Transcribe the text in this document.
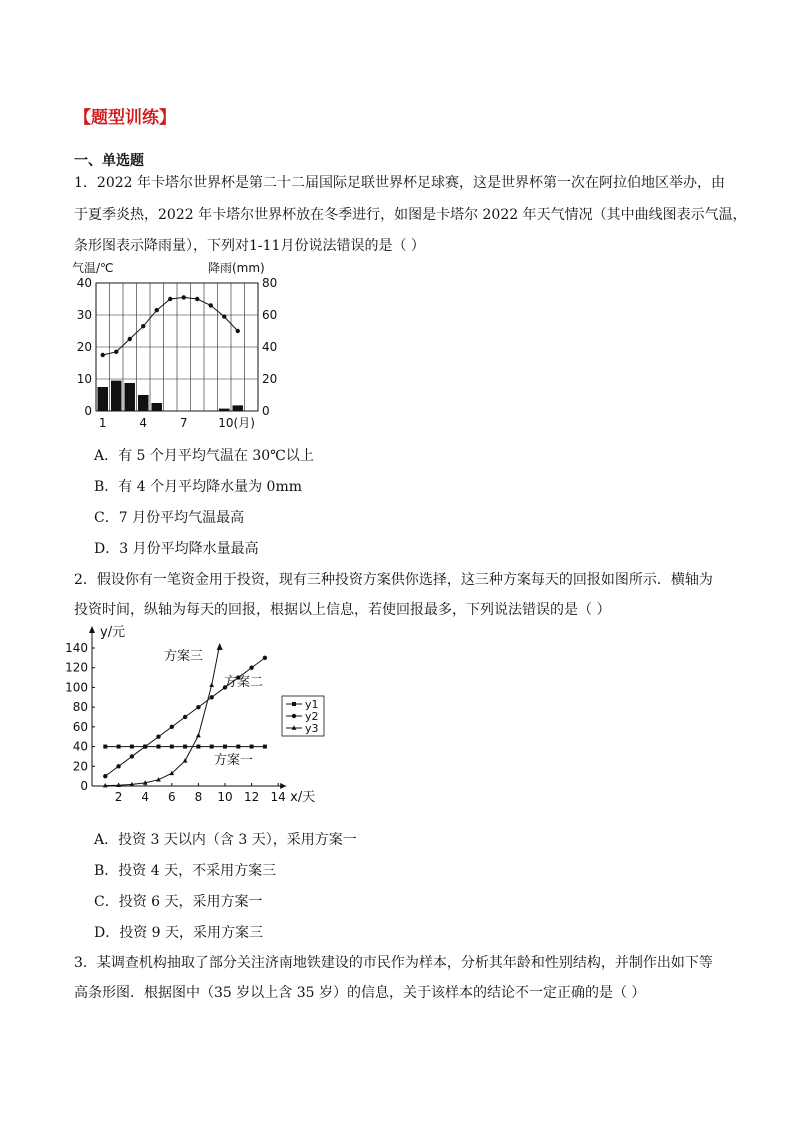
【题型训练】
一、单选题
1．2022 年卡塔尔世界杯是第二十二届国际足联世界杯足球赛，这是世界杯第一次在阿拉伯地区举办，由
于夏季炎热，2022 年卡塔尔世界杯放在冬季进行，如图是卡塔尔 2022 年天气情况（其中曲线图表示气温，
条形图表示降雨量），下列对1-11月份说法错误的是（ ）
0
10
20
30
40
0
20
40
60
80
气温/℃	降雨(mm)
1	4	7	10(月)
A．有 5 个月平均气温在 30℃以上
B．有 4 个月平均降水量为 0mm
C．7 月份平均气温最高
D．3 月份平均降水量最高
2．假设你有一笔资金用于投资，现有三种投资方案供你选择，这三种方案每天的回报如图所示．横轴为
投资时间，纵轴为每天的回报，根据以上信息，若使回报最多，下列说法错误的是（ ）
0
20
40
60
80
100
120
140
2 4 6 8 10 12 14
y/元
x/天
方案三
方案二
方案一
y1
y2
y3
A．投资 3 天以内（含 3 天），采用方案一
B．投资 4 天，不采用方案三
C．投资 6 天，采用方案一
D．投资 9 天，采用方案三
3．某调查机构抽取了部分关注济南地铁建设的市民作为样本，分析其年龄和性别结构，并制作出如下等
高条形图．根据图中（35 岁以上含 35 岁）的信息，关于该样本的结论不一定正确的是（ ）
